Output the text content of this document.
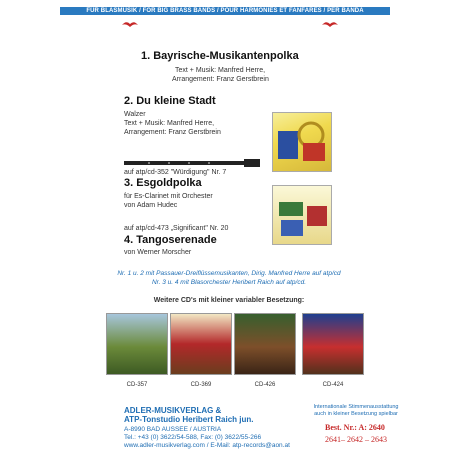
FÜR BLASMUSIK / FOR BIG BRASS BANDS / POUR HARMONIES ET FANFARES / PER BANDA
1. Bayrische-Musikantenpolka
Text + Musik: Manfred Herre,
Arrangement: Franz Gerstbrein
2. Du kleine Stadt
Walzer
Text + Musik: Manfred Herre,
Arrangement: Franz Gerstbrein
auf atp/cd-352 "Würdigung" Nr. 7
3. Esgoldpolka
für Es-Clarinet mit Orchester
von Adam Hudec
auf atp/cd-473 „Significant" Nr. 20
4. Tangoserenade
von Werner Morscher
Nr. 1 u. 2 mit Passauer-Dreiflüssemusikanten, Dirig. Manfred Herre auf atp/cd
Nr. 3 u. 4 mit Blasorchester Heribert Raich auf atp/cd.
Weitere CD's mit kleiner variabler Besetzung:
CD-357	CD-369	CD-426	CD-424
ADLER-MUSIKVERLAG &
ATP-Tonstudio Heribert Raich jun.
A-8990 BAD AUSSEE / AUSTRIA
Tel.: +43 (0) 3622/54-588, Fax: (0) 3622/55-266
www.adler-musikverlag.com / E-Mail: atp-records@aon.at
Internationale Stimmenausstattung
auch in kleiner Besetzung spielbar
Best. Nr.: A: 2640
2641– 2642 – 2643
